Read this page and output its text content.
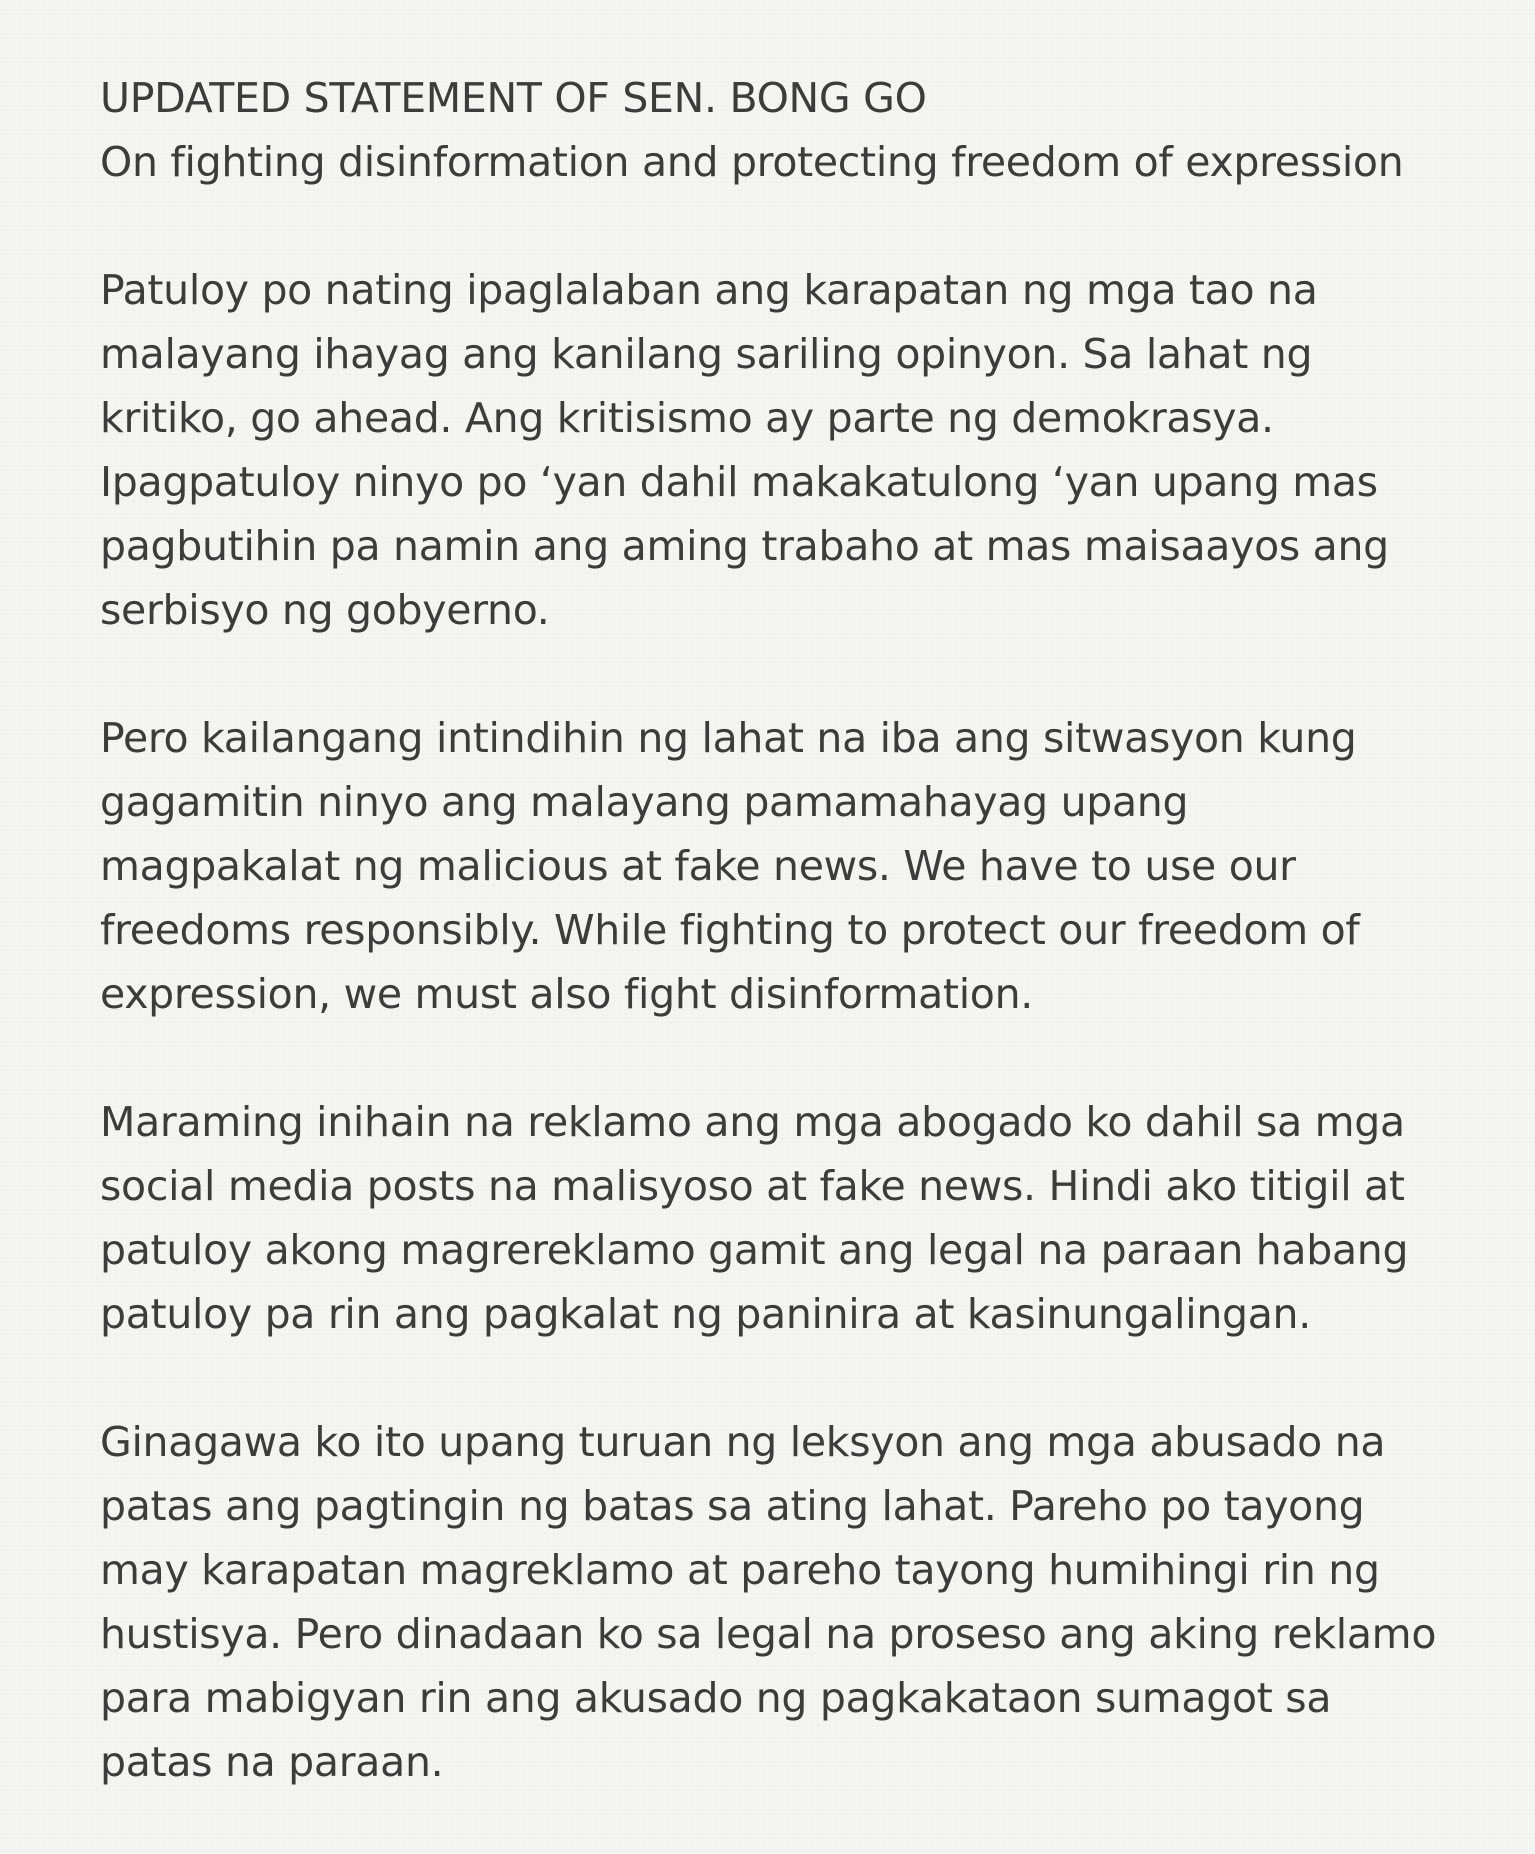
UPDATED STATEMENT OF SEN. BONG GO
On fighting disinformation and protecting freedom of expression
Patuloy po nating ipaglalaban ang karapatan ng mga tao na
malayang ihayag ang kanilang sariling opinyon. Sa lahat ng
kritiko, go ahead. Ang kritisismo ay parte ng demokrasya.
Ipagpatuloy ninyo po ‘yan dahil makakatulong ‘yan upang mas
pagbutihin pa namin ang aming trabaho at mas maisaayos ang
serbisyo ng gobyerno.
Pero kailangang intindihin ng lahat na iba ang sitwasyon kung
gagamitin ninyo ang malayang pamamahayag upang
magpakalat ng malicious at fake news. We have to use our
freedoms responsibly. While fighting to protect our freedom of
expression, we must also fight disinformation.
Maraming inihain na reklamo ang mga abogado ko dahil sa mga
social media posts na malisyoso at fake news. Hindi ako titigil at
patuloy akong magrereklamo gamit ang legal na paraan habang
patuloy pa rin ang pagkalat ng paninira at kasinungalingan.
Ginagawa ko ito upang turuan ng leksyon ang mga abusado na
patas ang pagtingin ng batas sa ating lahat. Pareho po tayong
may karapatan magreklamo at pareho tayong humihingi rin ng
hustisya. Pero dinadaan ko sa legal na proseso ang aking reklamo
para mabigyan rin ang akusado ng pagkakataon sumagot sa
patas na paraan.
